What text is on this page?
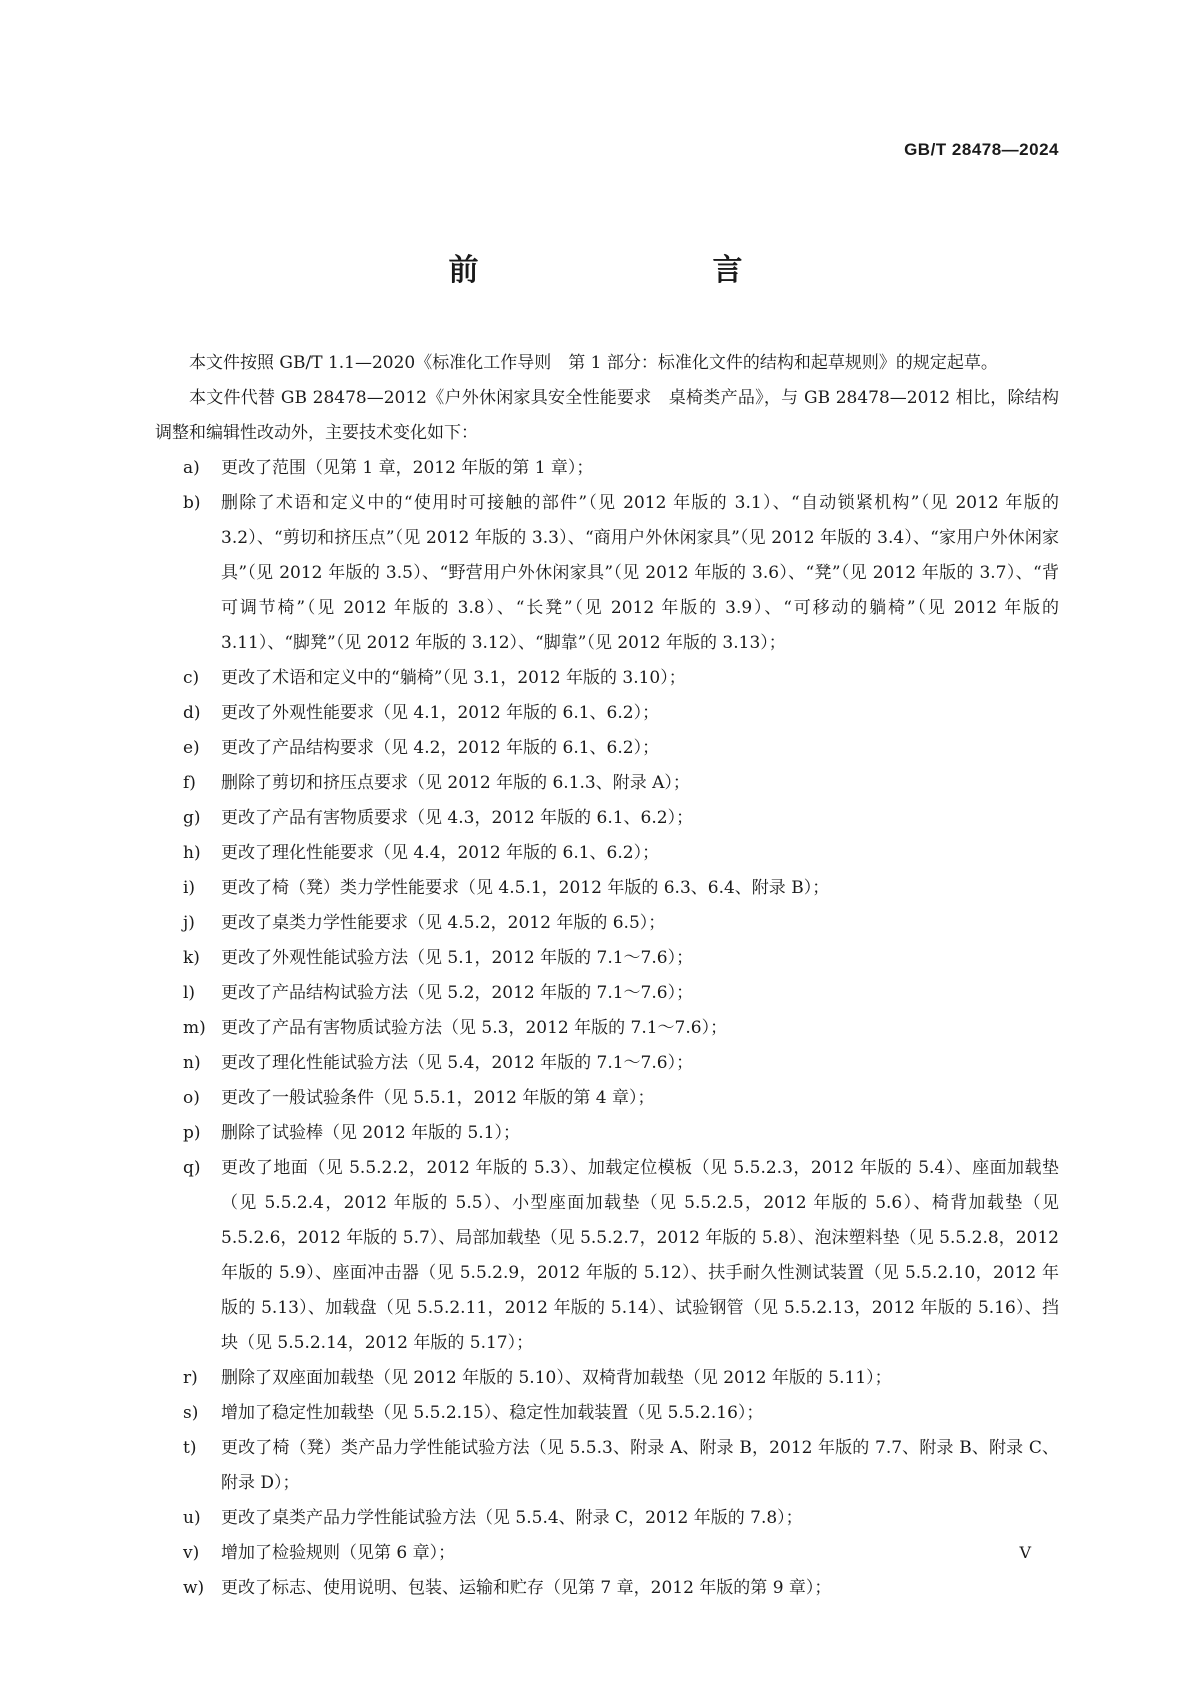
GB/T 28478—2024
前　　言

本文件按照 GB/T 1.1—2020《标准化工作导则　第 1 部分：标准化文件的结构和起草规则》的规定起草。

本文件代替 GB 28478—2012《户外休闲家具安全性能要求　桌椅类产品》，与 GB 28478—2012 相比，除结构调整和编辑性改动外，主要技术变化如下：

a)	更改了范围（见第 1 章，2012 年版的第 1 章）；
b)	删除了术语和定义中的“使用时可接触的部件”（见 2012 年版的 3.1）、“自动锁紧机构”（见 2012 年版的 3.2）、“剪切和挤压点”（见 2012 年版的 3.3）、“商用户外休闲家具”（见 2012 年版的 3.4）、“家用户外休闲家具”（见 2012 年版的 3.5）、“野营用户外休闲家具”（见 2012 年版的 3.6）、“凳”（见 2012 年版的 3.7）、“背可调节椅”（见 2012 年版的 3.8）、“长凳”（见 2012 年版的 3.9）、“可移动的躺椅”（见 2012 年版的 3.11）、“脚凳”（见 2012 年版的 3.12）、“脚靠”（见 2012 年版的 3.13）；
c)	更改了术语和定义中的“躺椅”（见 3.1，2012 年版的 3.10）；
d)	更改了外观性能要求（见 4.1，2012 年版的 6.1、6.2）；
e)	更改了产品结构要求（见 4.2，2012 年版的 6.1、6.2）；
f)	删除了剪切和挤压点要求（见 2012 年版的 6.1.3、附录 A）；
g)	更改了产品有害物质要求（见 4.3，2012 年版的 6.1、6.2）；
h)	更改了理化性能要求（见 4.4，2012 年版的 6.1、6.2）；
i)	更改了椅（凳）类力学性能要求（见 4.5.1，2012 年版的 6.3、6.4、附录 B）；
j)	更改了桌类力学性能要求（见 4.5.2，2012 年版的 6.5）；
k)	更改了外观性能试验方法（见 5.1，2012 年版的 7.1～7.6）；
l)	更改了产品结构试验方法（见 5.2，2012 年版的 7.1～7.6）；
m) 更改了产品有害物质试验方法（见 5.3，2012 年版的 7.1～7.6）；
n)	更改了理化性能试验方法（见 5.4，2012 年版的 7.1～7.6）；
o)	更改了一般试验条件（见 5.5.1，2012 年版的第 4 章）；
p)	删除了试验棒（见 2012 年版的 5.1）；
q)	更改了地面（见 5.5.2.2，2012 年版的 5.3）、加载定位模板（见 5.5.2.3，2012 年版的 5.4）、座面加载垫（见 5.5.2.4，2012 年版的 5.5）、小型座面加载垫（见 5.5.2.5，2012 年版的 5.6）、椅背加载垫（见 5.5.2.6，2012 年版的 5.7）、局部加载垫（见 5.5.2.7，2012 年版的 5.8）、泡沫塑料垫（见 5.5.2.8，2012 年版的 5.9）、座面冲击器（见 5.5.2.9，2012 年版的 5.12）、扶手耐久性测试装置（见 5.5.2.10，2012 年版的 5.13）、加载盘（见 5.5.2.11，2012 年版的 5.14）、试验钢管（见 5.5.2.13，2012 年版的 5.16）、挡块（见 5.5.2.14，2012 年版的 5.17）；
r)	删除了双座面加载垫（见 2012 年版的 5.10）、双椅背加载垫（见 2012 年版的 5.11）；
s)	增加了稳定性加载垫（见 5.5.2.15）、稳定性加载装置（见 5.5.2.16）；
t)	更改了椅（凳）类产品力学性能试验方法（见 5.5.3、附录 A、附录 B，2012 年版的 7.7、附录 B、附录 C、附录 D）；
u)	更改了桌类产品力学性能试验方法（见 5.5.4、附录 C，2012 年版的 7.8）；
v)	增加了检验规则（见第 6 章）；
w) 更改了标志、使用说明、包装、运输和贮存（见第 7 章，2012 年版的第 9 章）；
Ⅴ
